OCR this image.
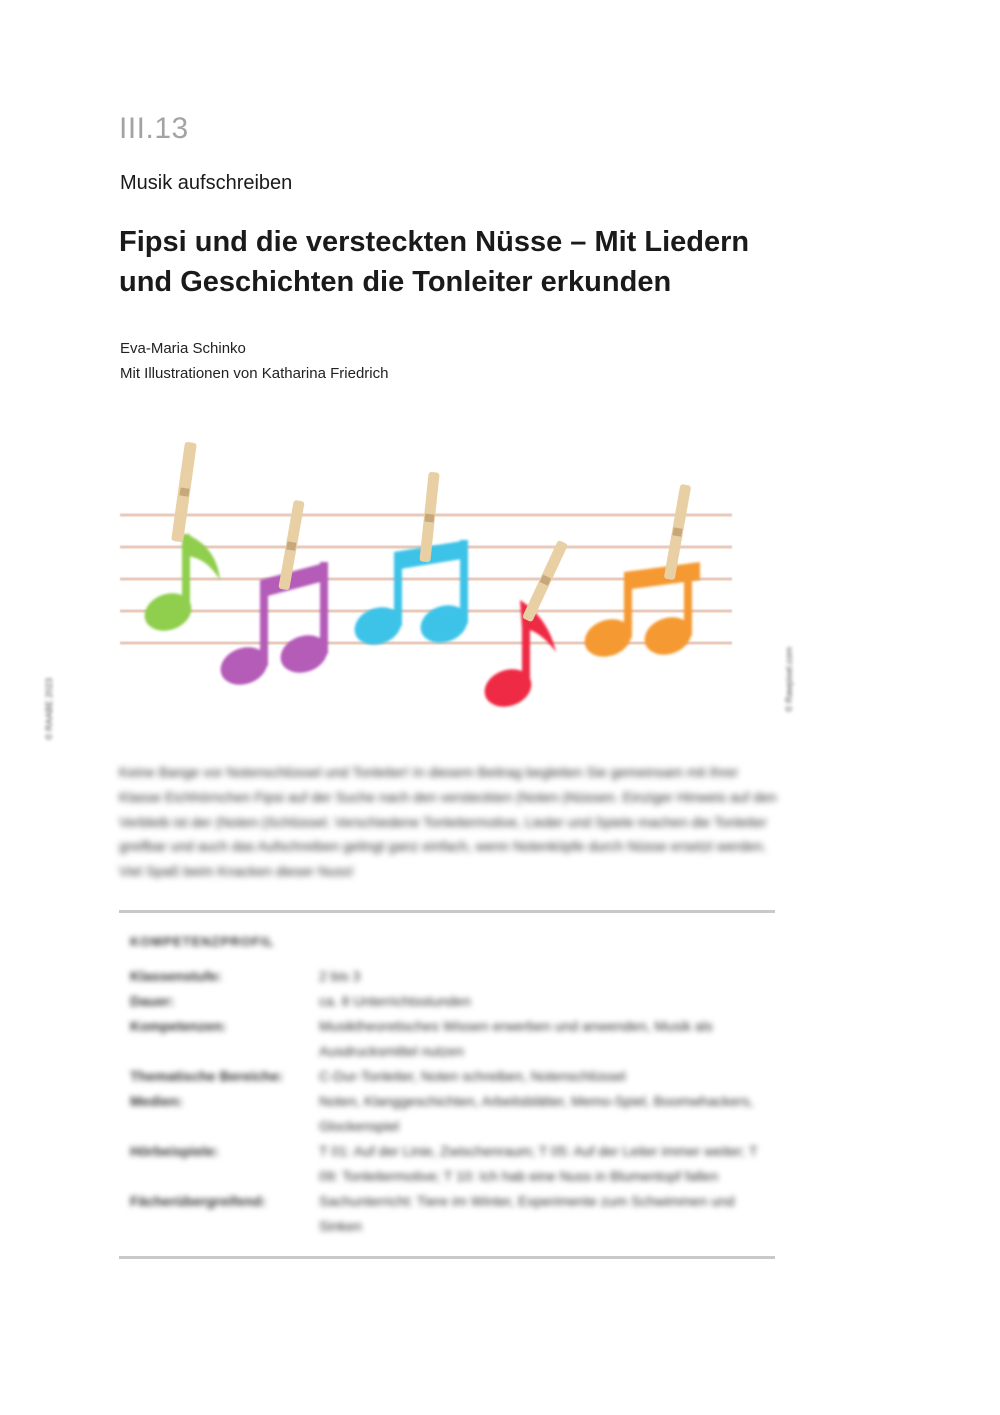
III.13

Musik aufschreiben

Fipsi und die versteckten Nüsse – Mit Liedern und Geschichten die Tonleiter erkunden

Eva-Maria Schinko

Mit Illustrationen von Katharina Friedrich

© RAABE 2023	© Rawpixel.com

Keine Bange vor Notenschlüssel und Tonleiter! In diesem Beitrag begleiten Sie gemeinsam mit Ihrer Klasse Eichhörnchen Fipsi auf der Suche nach den versteckten (Noten-)Nüssen. Einziger Hinweis auf den Verbleib ist der (Noten-)Schlüssel. Verschiedene Tonleitermotive, Lieder und Spiele machen die Tonleiter greifbar und auch das Aufschreiben gelingt ganz einfach, wenn Notenköpfe durch Nüsse ersetzt werden. Viel Spaß beim Knacken dieser Nuss!

KOMPETENZPROFIL

Klassenstufe:	2 bis 3
Dauer:	ca. 8 Unterrichtsstunden
Kompetenzen:	Musiktheoretisches Wissen erwerben und anwenden, Musik als Ausdrucksmittel nutzen
Thematische Bereiche:	C-Dur-Tonleiter, Noten schreiben, Notenschlüssel
Medien:	Noten, Klanggeschichten, Arbeitsblätter, Memo-Spiel, Boomwhackers, Glockenspiel
Hörbeispiele:	T 01: Auf der Linie, Zwischenraum; T 05: Auf der Leiter immer weiter; T 09: Tonleitermotive; T 10: Ich hab eine Nuss in Blumentopf fallen
Fächerübergreifend:	Sachunterricht: Tiere im Winter, Experimente zum Schwimmen und Sinken
